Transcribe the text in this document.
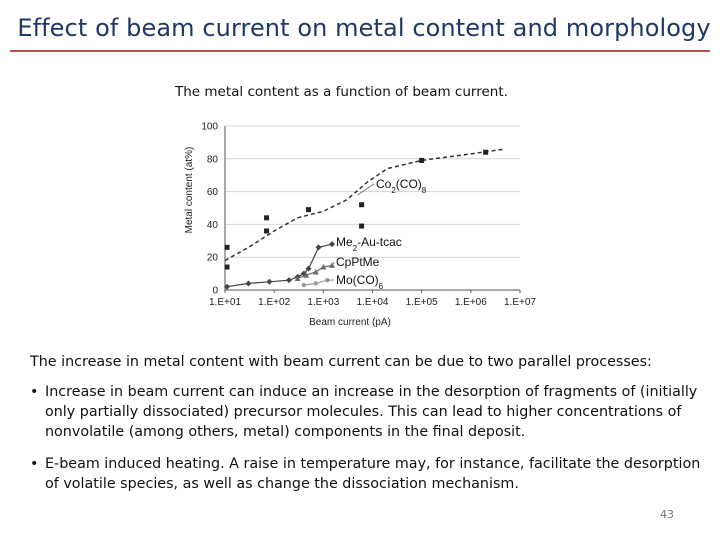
Effect of beam current on metal content and morphology
The metal content as a function of beam current.
Metal content (at%)
Beam current (pA)
0
20
40
60
80
100
1.E+01 1.E+02 1.E+03 1.E+04 1.E+05 1.E+06 1.E+07
$Co_2(CO)_8$
$Me_2-Au$-tcac
CpPtMe
$Mo(CO)_6$
The increase in metal content with beam current can be due to two parallel processes:
• Increase in beam current can induce an increase in the desorption of fragments of (initially only partially dissociated) precursor molecules. This can lead to higher concentrations of nonvolatile (among others, metal) components in the final deposit.
• E-beam induced heating. A raise in temperature may, for instance, facilitate the desorption of volatile species, as well as change the dissociation mechanism.
43
